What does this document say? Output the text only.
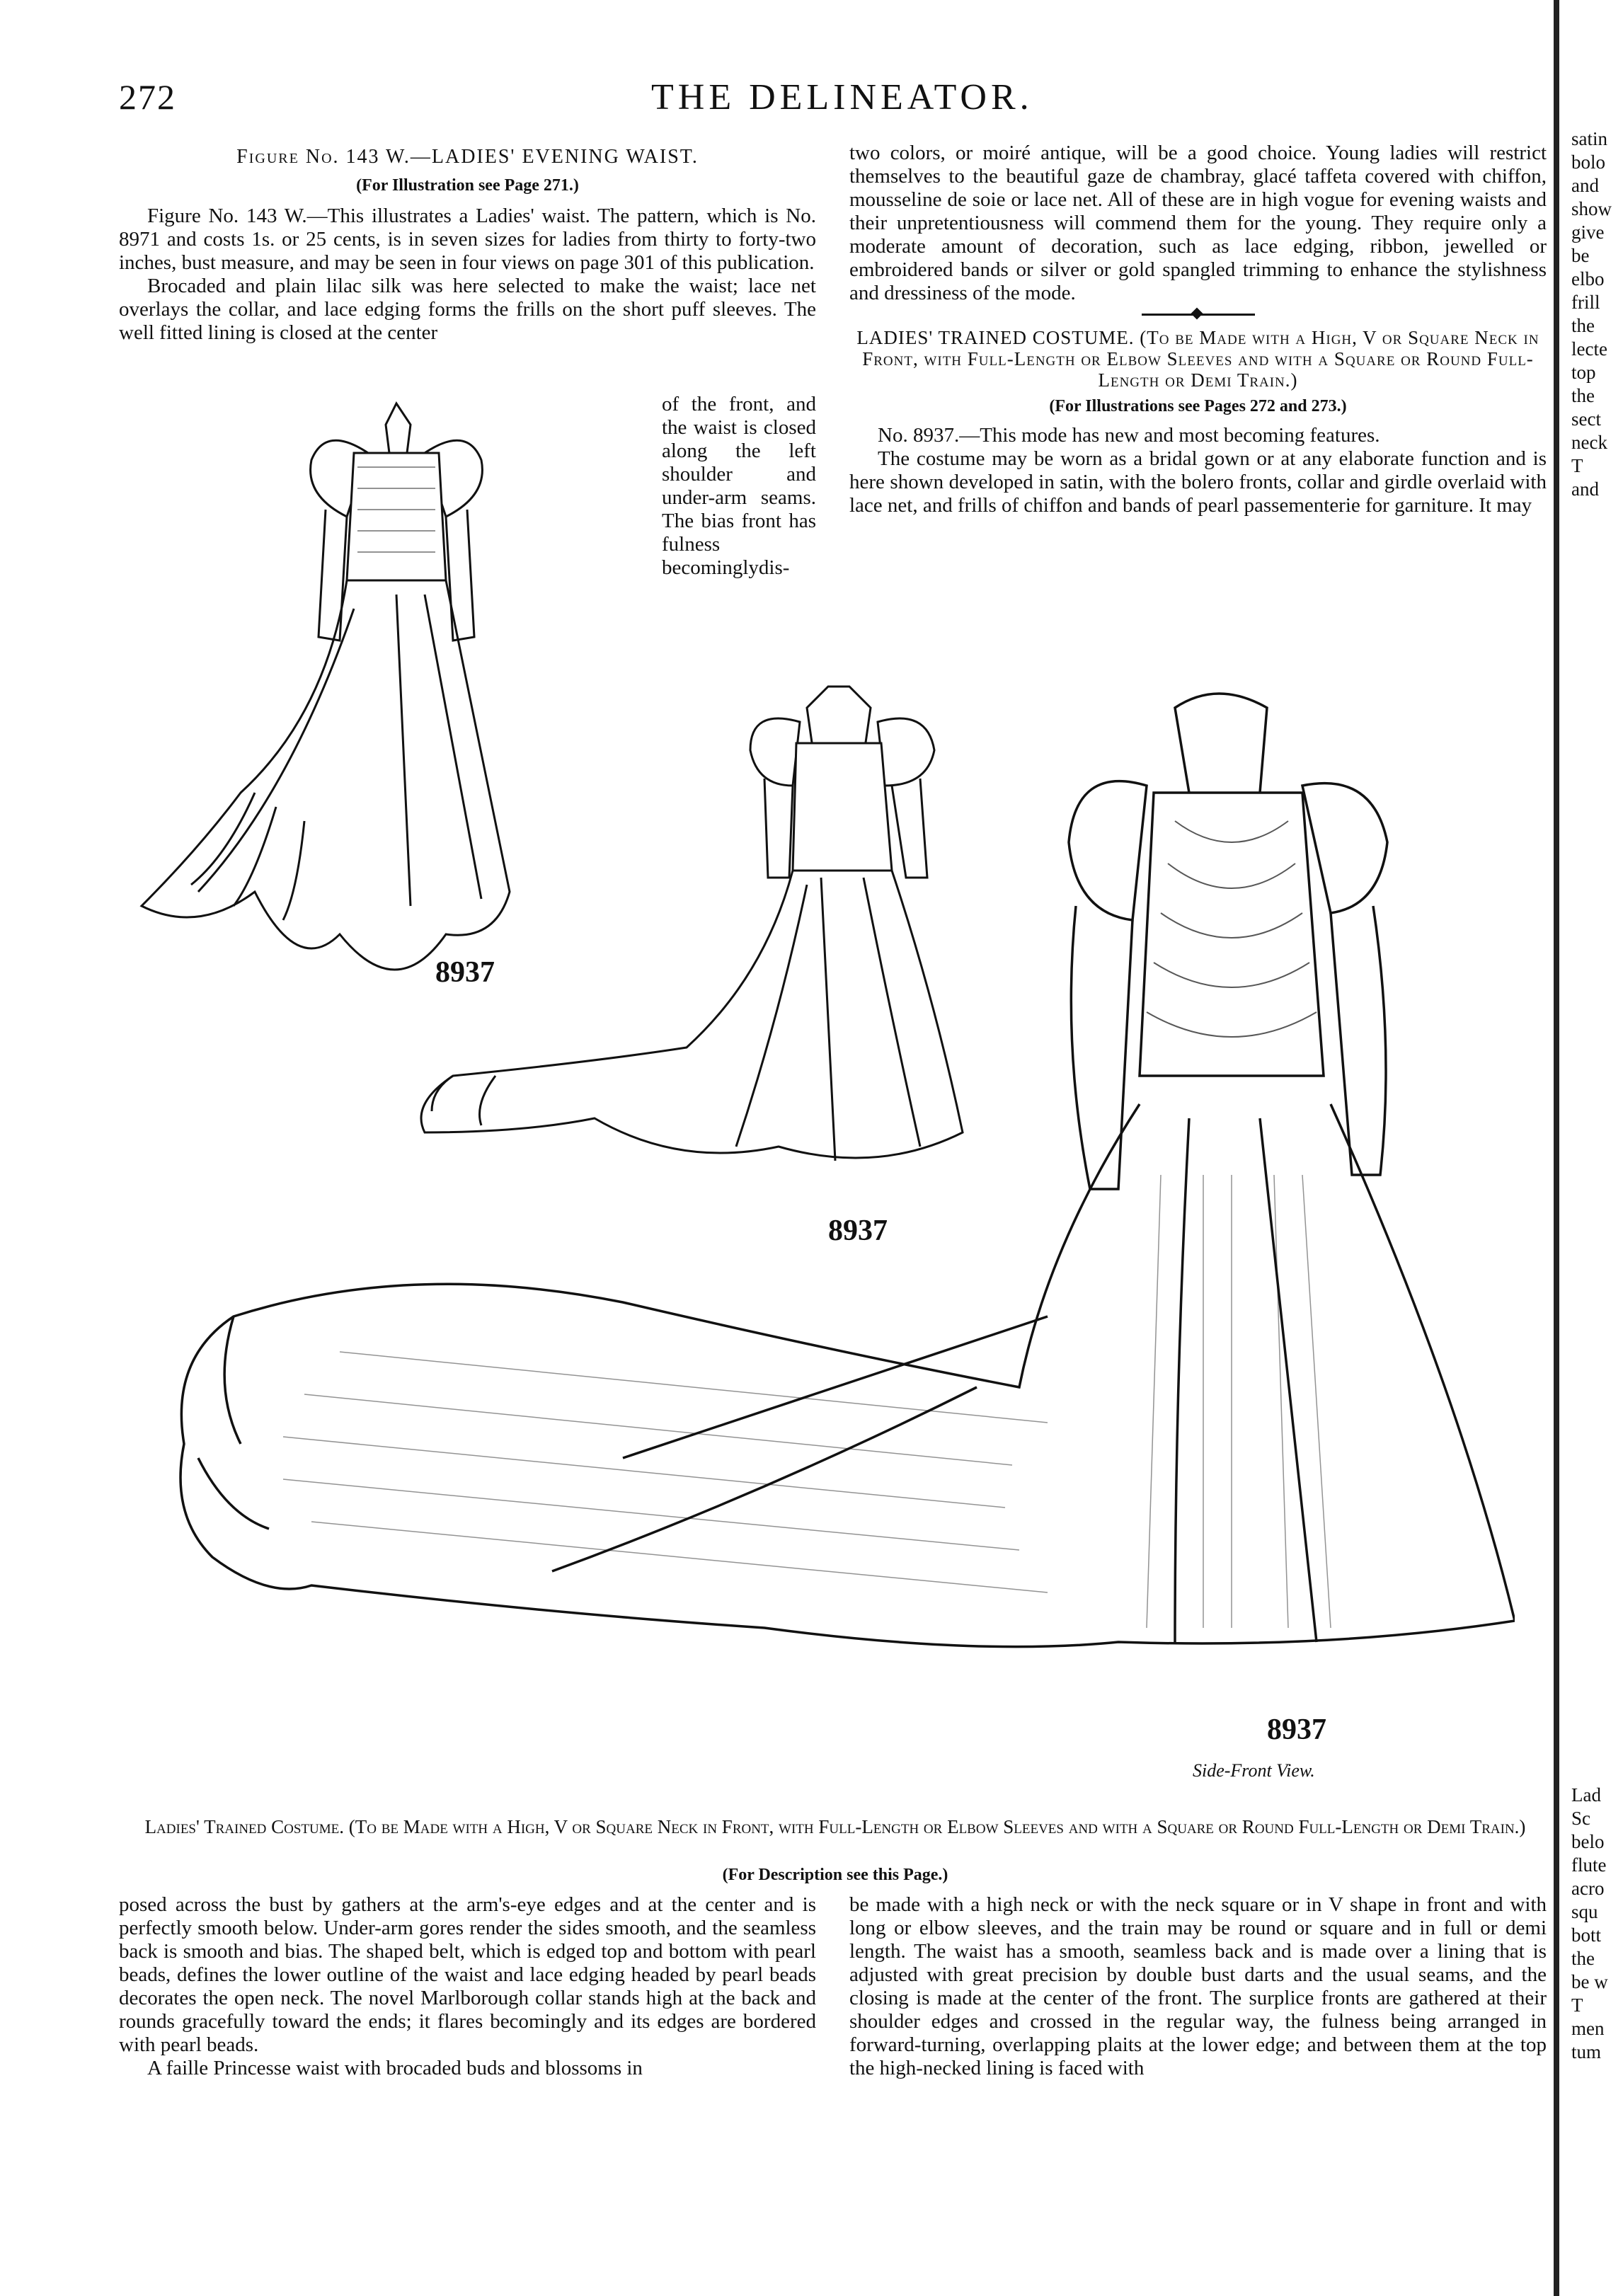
272	THE DELINEATOR.
Figure No. 143 W.—LADIES' EVENING WAIST.
(For Illustration see Page 271.)

Figure No. 143 W.—This illustrates a Ladies' waist. The pattern, which is No. 8971 and costs 1s. or 25 cents, is in seven sizes for ladies from thirty to forty-two inches, bust measure, and may be seen in four views on page 301 of this publication.

Brocaded and plain lilac silk was here selected to make the waist; lace net overlays the collar, and lace edging forms the frills on the short puff sleeves. The well fitted lining is closed at the center

of the front, and the waist is closed along the left shoulder and under-arm seams. The bias front has fulness becominglydis-

two colors, or moiré antique, will be a good choice. Young ladies will restrict themselves to the beautiful gaze de chambray, glacé taffeta covered with chiffon, mousseline de soie or lace net. All of these are in high vogue for evening waists and their unpretentiousness will commend them for the young. They require only a moderate amount of decoration, such as lace edging, ribbon, jewelled or embroidered bands or silver or gold spangled trimming to enhance the stylishness and dressiness of the mode.

LADIES' TRAINED COSTUME. (To be Made with a High, V or Square Neck in Front, with Full-Length or Elbow Sleeves and with a Square or Round Full-Length or Demi Train.)
(For Illustrations see Pages 272 and 273.)

No. 8937.—This mode has new and most becoming features.

The costume may be worn as a bridal gown or at any elaborate function and is here shown developed in satin, with the bolero fronts, collar and girdle overlaid with lace net, and frills of chiffon and bands of pearl passementerie for garniture. It may

8937
8937
8937
Side-Front View.
Ladies' Trained Costume. (To be Made with a High, V or Square Neck in Front, with Full-Length or Elbow Sleeves and with a Square or Round Full-Length or Demi Train.)
(For Description see this Page.)

posed across the bust by gathers at the arm's-eye edges and at the center and is perfectly smooth below. Under-arm gores render the sides smooth, and the seamless back is smooth and bias. The shaped belt, which is edged top and bottom with pearl beads, defines the lower outline of the waist and lace edging headed by pearl beads decorates the open neck. The novel Marlborough collar stands high at the back and rounds gracefully toward the ends; it flares becomingly and its edges are bordered with pearl beads.

A faille Princesse waist with brocaded buds and blossoms in

be made with a high neck or with the neck square or in V shape in front and with long or elbow sleeves, and the train may be round or square and in full or demi length. The waist has a smooth, seamless back and is made over a lining that is adjusted with great precision by double bust darts and the usual seams, and the closing is made at the center of the front. The surplice fronts are gathered at their shoulder edges and crossed in the regular way, the fulness being arranged in forward-turning, overlapping plaits at the lower edge; and between them at the top the high-necked lining is faced with

satin
bolo
and
show
give
be
elbo
frill
the
lecte
top
the
sect
neck
T
and
Lad
Sc
belo
flute
acro
squ
bott
the
be w
T
men
tum
